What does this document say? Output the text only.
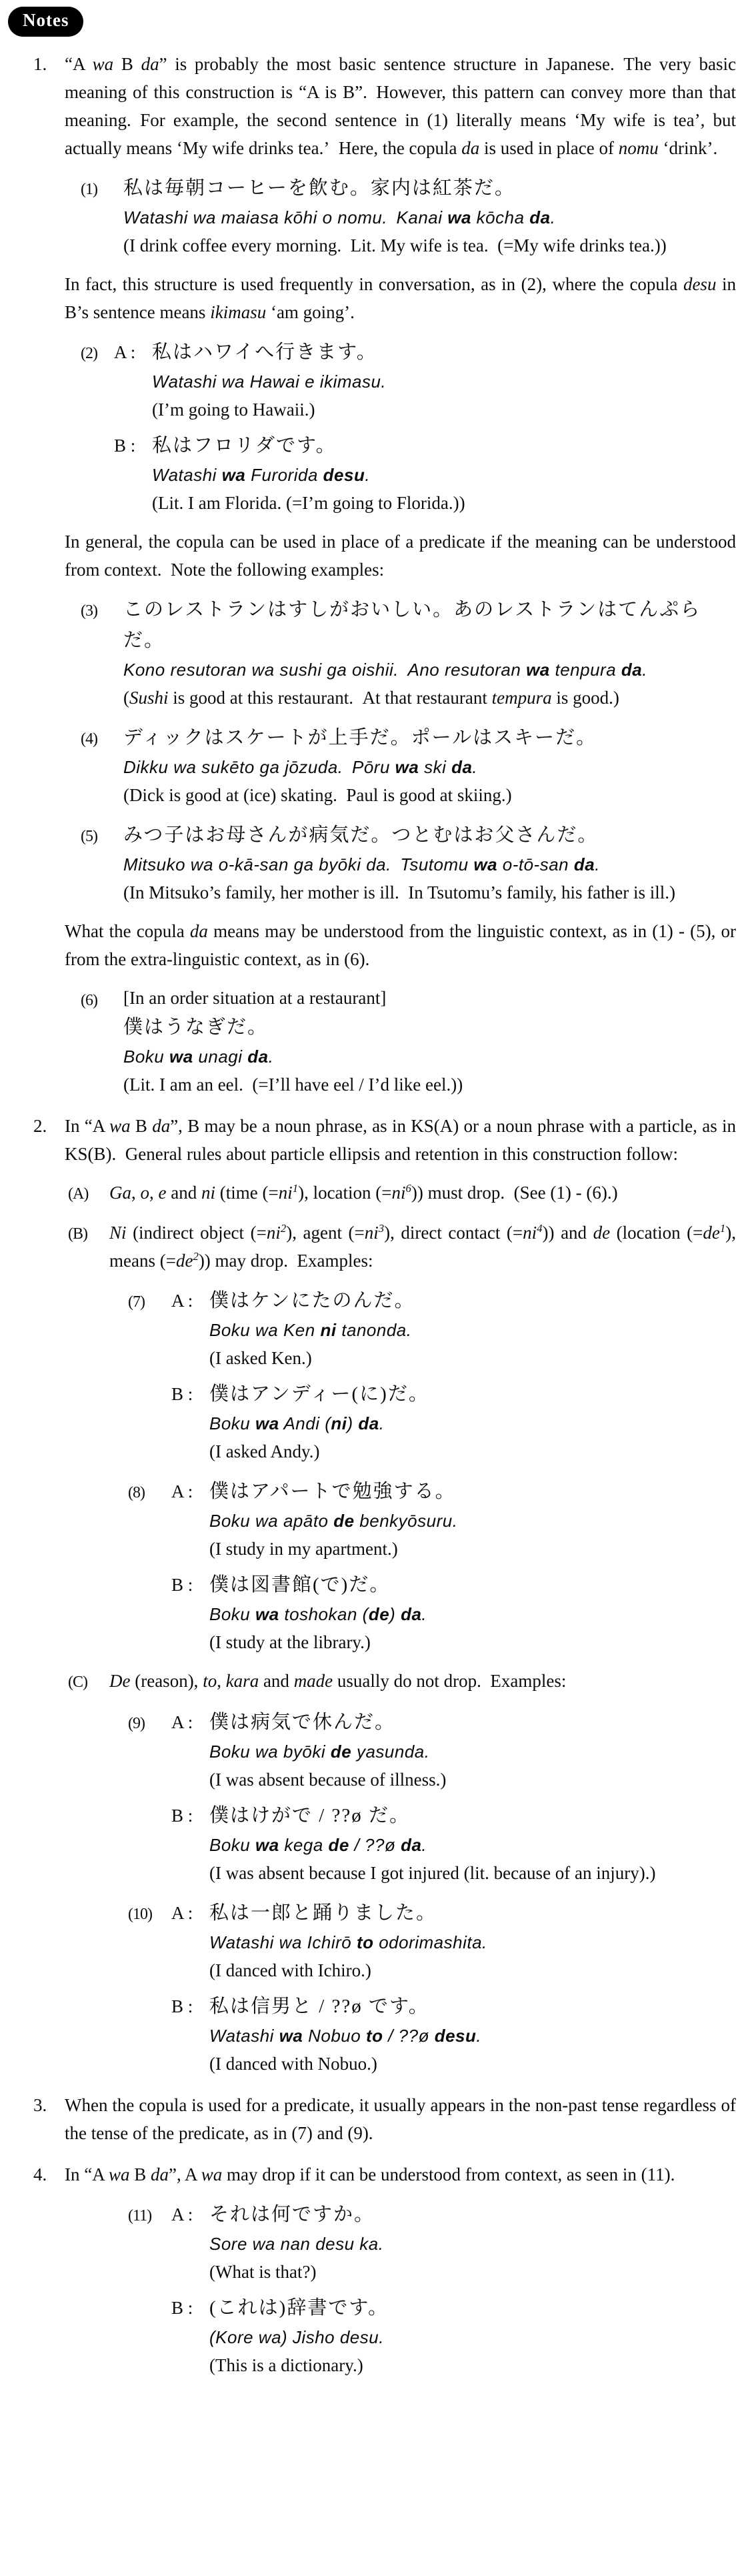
Notes
1. “A wa B da” is probably the most basic sentence structure in Japanese. The very basic meaning of this construction is “A is B”. However, this pattern can convey more than that meaning. For example, the second sentence in (1) literally means ‘My wife is tea’, but actually means ‘My wife drinks tea.’ Here, the copula da is used in place of nomu ‘drink’.
(1)	私は毎朝コーヒーを飲む。家内は紅茶だ。
Watashi wa maiasa kōhi o nomu. Kanai wa kōcha da.
(I drink coffee every morning. Lit. My wife is tea. (=My wife drinks tea.))
In fact, this structure is used frequently in conversation, as in (2), where the copula desu in B’s sentence means ikimasu ‘am going’.
(2) A : 私はハワイへ行きます。
Watashi wa Hawai e ikimasu.
(I’m going to Hawaii.)
B : 私はフロリダです。
Watashi wa Furorida desu.
(Lit. I am Florida. (=I’m going to Florida.))
In general, the copula can be used in place of a predicate if the meaning can be understood from context. Note the following examples:
(3)	このレストランはすしがおいしい。あのレストランはてんぷらだ。
Kono resutoran wa sushi ga oishii. Ano resutoran wa tenpura da.
(Sushi is good at this restaurant. At that restaurant tempura is good.)
(4)	ディックはスケートが上手だ。ポールはスキーだ。
Dikku wa sukēto ga jōzuda. Pōru wa ski da.
(Dick is good at (ice) skating. Paul is good at skiing.)
(5)	みつ子はお母さんが病気だ。つとむはお父さんだ。
Mitsuko wa o-kā-san ga byōki da. Tsutomu wa o-tō-san da.
(In Mitsuko’s family, her mother is ill. In Tsutomu’s family, his father is ill.)
What the copula da means may be understood from the linguistic context, as in (1) - (5), or from the extra-linguistic context, as in (6).
(6)	[In an order situation at a restaurant]
僕はうなぎだ。
Boku wa unagi da.
(Lit. I am an eel. (=I’ll have eel / I’d like eel.))
2. In “A wa B da”, B may be a noun phrase, as in KS(A) or a noun phrase with a particle, as in KS(B). General rules about particle ellipsis and retention in this construction follow:
(A)	Ga, o, e and ni (time $(=ni^1)$, location $(=ni^6)$) must drop. (See (1) - (6).)
(B)	Ni (indirect object $(=ni^2)$, agent $(=ni^3)$, direct contact $(=ni^4)$) and de (location $(=de^1)$, means $(=de^2)$) may drop. Examples:
(7)	A : 僕はケンにたのんだ。
Boku wa Ken ni tanonda.
(I asked Ken.)
B : 僕はアンディー(に)だ。
Boku wa Andi (ni) da.
(I asked Andy.)
(8)	A : 僕はアパートで勉強する。
Boku wa apāto de benkyōsuru.
(I study in my apartment.)
B : 僕は図書館(で)だ。
Boku wa toshokan (de) da.
(I study at the library.)
(C)	De (reason), to, kara and made usually do not drop. Examples:
(9)	A : 僕は病気で休んだ。
Boku wa byōki de yasunda.
(I was absent because of illness.)
B : 僕はけがで / ??ø だ。
Boku wa kega de / ??ø da.
(I was absent because I got injured (lit. because of an injury).)
(10)	A : 私は一郎と踊りました。
Watashi wa Ichirō to odorimashita.
(I danced with Ichiro.)
B : 私は信男と / ??ø です。
Watashi wa Nobuo to / ??ø desu.
(I danced with Nobuo.)
3. When the copula is used for a predicate, it usually appears in the non-past tense regardless of the tense of the predicate, as in (7) and (9).
4. In “A wa B da”, A wa may drop if it can be understood from context, as seen in (11).
(11)	A : それは何ですか。
Sore wa nan desu ka.
(What is that?)
B : (これは)辞書です。
(Kore wa) Jisho desu.
(This is a dictionary.)
